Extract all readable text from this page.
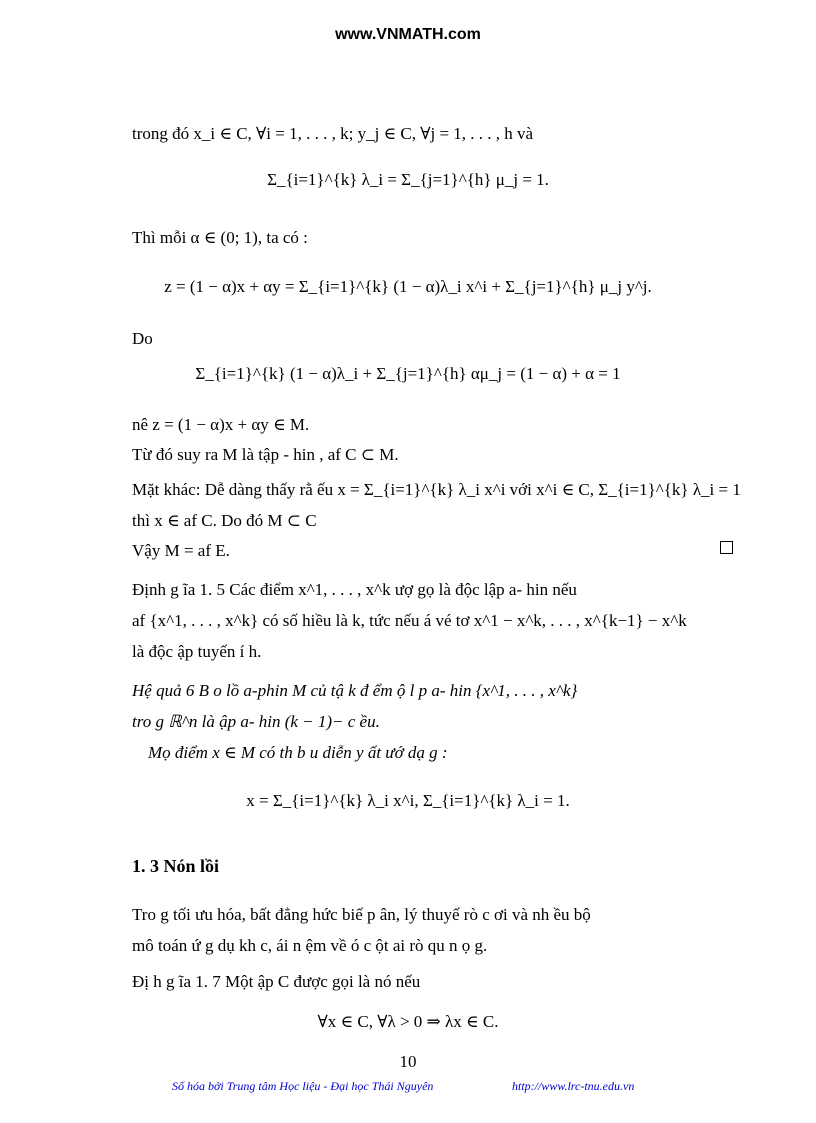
www.VNMATH.com
trong đó x_i ∈ C, ∀i = 1, . . . , k; y_j ∈ C, ∀j = 1, . . . , h và
Σ_{i=1}^{k} λ_i = Σ_{j=1}^{h} μ_j = 1.
Thì mỗi α ∈ (0; 1), ta có :
z = (1 − α)x + αy = Σ_{i=1}^{k} (1 − α)λ_i x^i + Σ_{j=1}^{h} μ_j y^j.
Do
Σ_{i=1}^{k} (1 − α)λ_i + Σ_{j=1}^{h} αμ_j = (1 − α) + α = 1
nê z = (1 − α)x + αy ∈ M.
Từ đó suy ra M là tập - hin , af C ⊂ M.
Mặt khác: Dễ dàng thấy rằ ếu x = Σ_{i=1}^{k} λ_i x^i với x^i ∈ C, Σ_{i=1}^{k} λ_i = 1
thì x ∈ af C. Do đó M ⊂ C
Vậy M = af E.
Định g ĩa 1. 5 Các điểm x^1, . . . , x^k ượ gọ là độc lập a- hin nếu
af {x^1, . . . , x^k} có số hiều là k, tức nếu á vé tơ x^1 − x^k, . . . , x^{k−1} − x^k
là độc ập tuyến í h.
Hệ quả 6 B o lồ a-phin M củ tậ k đ ểm ộ l p a- hin {x^1, . . . , x^k}
tro g ℝ^n là ập a- hin (k − 1)− c ều.
Mọ điểm x ∈ M có th b u diễn y ất ướ dạ g :
x = Σ_{i=1}^{k} λ_i x^i, Σ_{i=1}^{k} λ_i = 1.
1. 3 Nón lồi
Tro g tối ưu hóa, bất đẳng hức biế p ân, lý thuyế rò c ơi và nh ều bộ
mô toán ứ g dụ kh c, ái n ệm về ó c ột ai rò qu n ọ g.
Đị h g ĩa 1. 7 Một ập C được gọi là nó nếu
∀x ∈ C, ∀λ > 0 ⇒ λx ∈ C.
10
Số hóa bởi Trung tâm Học liệu - Đại học Thái Nguyên	http://www.lrc-tnu.edu.vn
